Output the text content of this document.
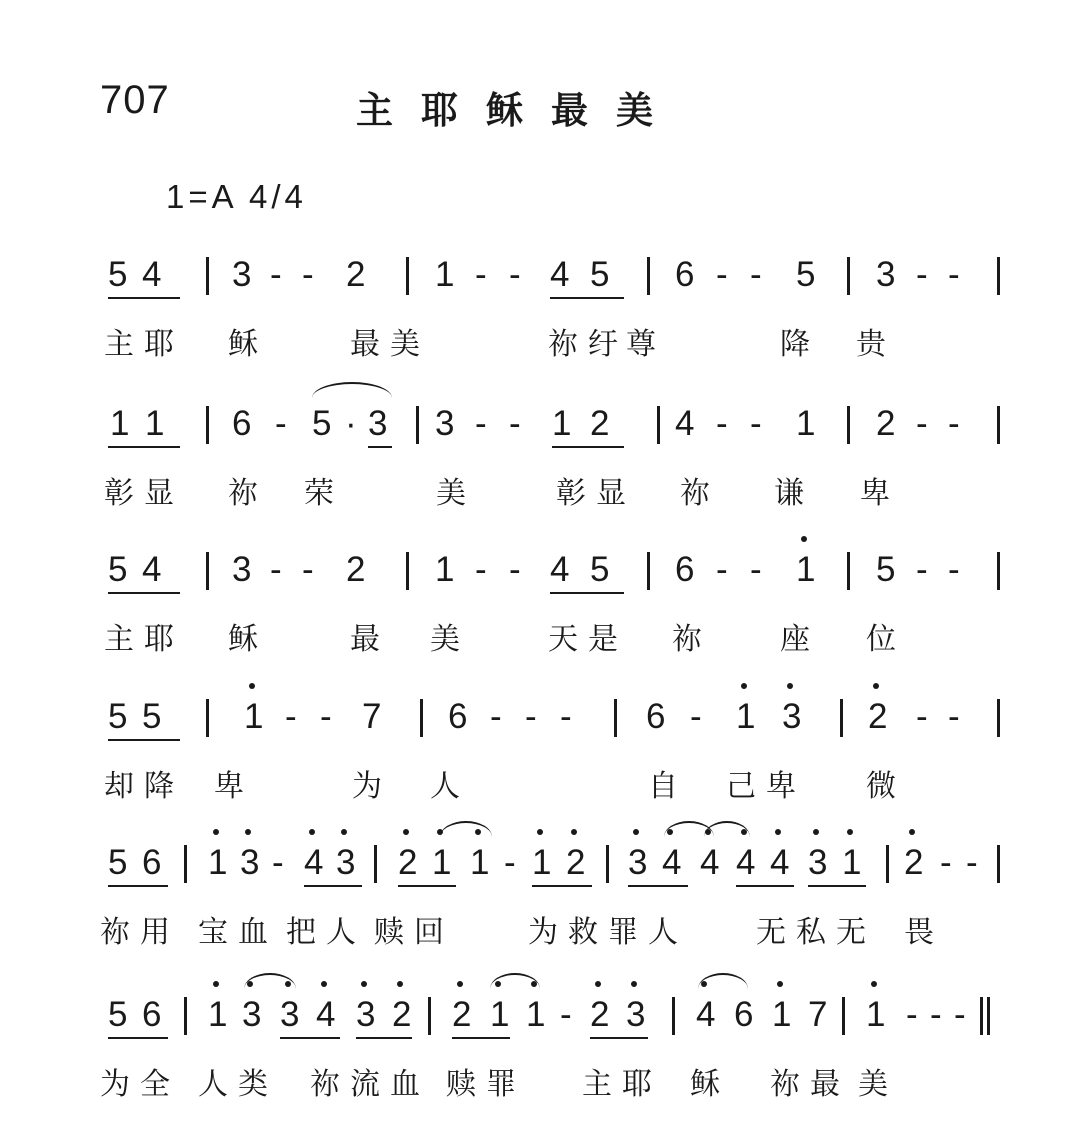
707	主耶稣最美
1=A 4/4
5 4 3 - - 2 1 - - 4 5 6 - - 5 3 - -
主耶 稣	最美	祢纡
尊	降 贵
1 1 6 - 5 · 3 3 - - 1 2 4 - - 1 2 - -
彰显 祢 荣	美	彰显 祢 谦 卑
5 4 3 - - 2 1 - - 4 5 6 - - 1 5 - -
主耶 稣	最 美	天是 祢 座 位
5 5 1 - - 7 6 - - - 6 - 1 3 2 - -
却降 卑	为 人	自 己卑 微
5 6 1 3 - 4 3 2 1 1 - 1 2 3 4 4 4 4 3 1 2 - -
祢用 宝血 把人 赎回 为救 罪人 无私无 畏
5 6 1 3 3 4 3 2 2 1 1 - 2 3 4 6 1 7 1 - - -
为全 人类 祢流血 赎罪 主耶 稣 祢最 美
